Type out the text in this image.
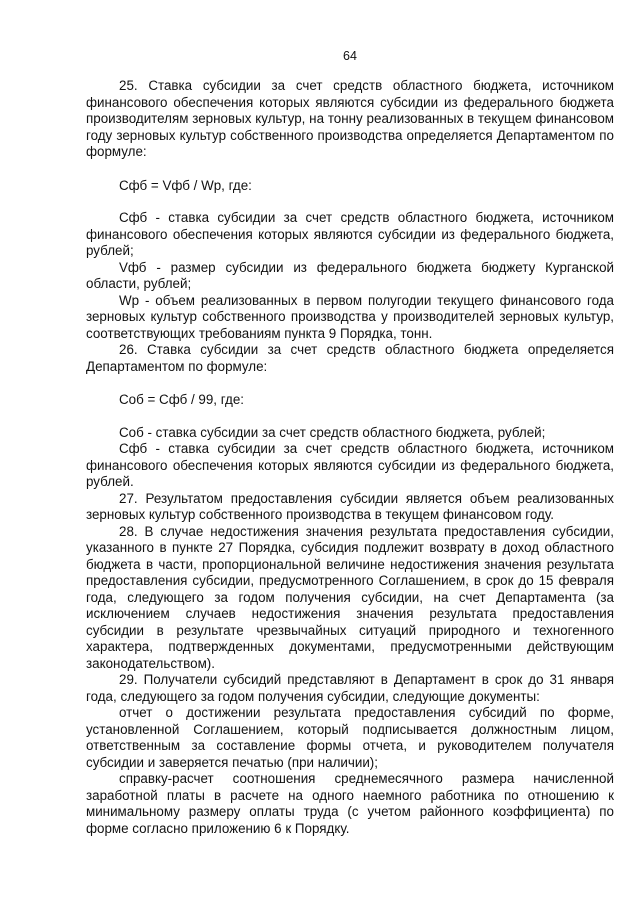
64

25. Ставка субсидии за счет средств областного бюджета, источником финансового обеспечения которых являются субсидии из федерального бюджета производителям зерновых культур, на тонну реализованных в текущем финансовом году зерновых культур собственного производства определяется Департаментом по формуле:

Сфб = Vфб / Wp, где:

Сфб - ставка субсидии за счет средств областного бюджета, источником финансового обеспечения которых являются субсидии из федерального бюджета, рублей;

Vфб - размер субсидии из федерального бюджета бюджету Курганской области, рублей;

Wp - объем реализованных в первом полугодии текущего финансового года зерновых культур собственного производства у производителей зерновых культур, соответствующих требованиям пункта 9 Порядка, тонн.

26. Ставка субсидии за счет средств областного бюджета определяется Департаментом по формуле:

Соб = Сфб / 99, где:

Соб - ставка субсидии за счет средств областного бюджета, рублей;

Сфб - ставка субсидии за счет средств областного бюджета, источником финансового обеспечения которых являются субсидии из федерального бюджета, рублей.

27. Результатом предоставления субсидии является объем реализованных зерновых культур собственного производства в текущем финансовом году.

28. В случае недостижения значения результата предоставления субсидии, указанного в пункте 27 Порядка, субсидия подлежит возврату в доход областного бюджета в части, пропорциональной величине недостижения значения результата предоставления субсидии, предусмотренного Соглашением, в срок до 15 февраля года, следующего за годом получения субсидии, на счет Департамента (за исключением случаев недостижения значения результата предоставления субсидии в результате чрезвычайных ситуаций природного и техногенного характера, подтвержденных документами, предусмотренными действующим законодательством).

29. Получатели субсидий представляют в Департамент в срок до 31 января года, следующего за годом получения субсидии, следующие документы:

отчет о достижении результата предоставления субсидий по форме, установленной Соглашением, который подписывается должностным лицом, ответственным за составление формы отчета, и руководителем получателя субсидии и заверяется печатью (при наличии);

справку-расчет соотношения среднемесячного размера начисленной заработной платы в расчете на одного наемного работника по отношению к минимальному размеру оплаты труда (с учетом районного коэффициента) по форме согласно приложению 6 к Порядку.
